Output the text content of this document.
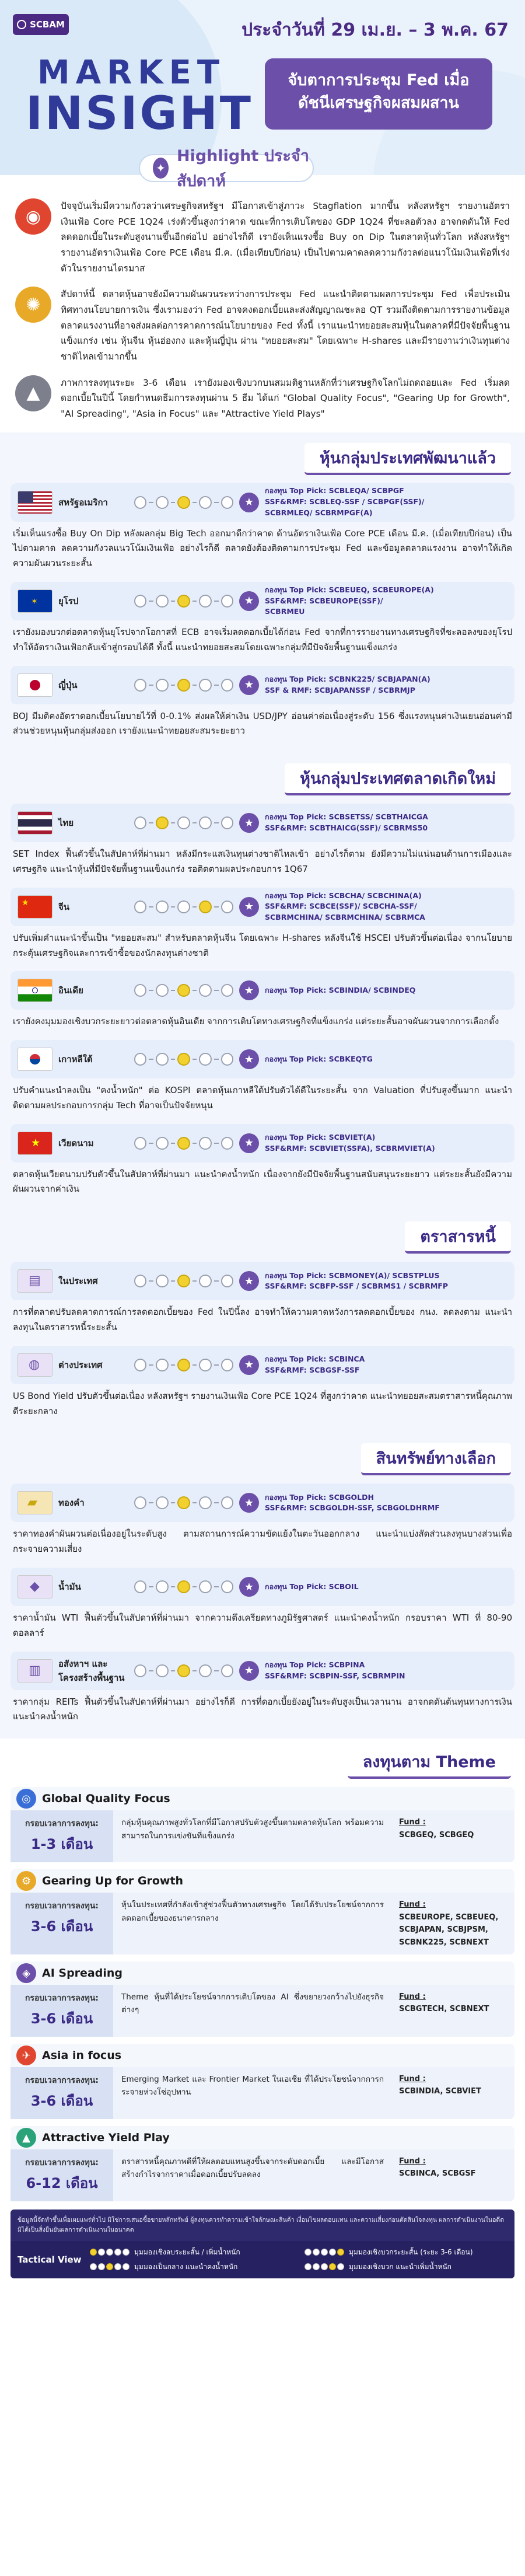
SCBAM	ประจำวันที่ 29 เม.ย. – 3 พ.ค. 67
MARKET
INSIGHT
จับตาการประชุม Fed เมื่อดัชนีเศรษฐกิจผสมผสาน
✦
Highlight ประจำสัปดาห์
◉
ปัจจุบันเริ่มมีความกังวลว่าเศรษฐกิจสหรัฐฯ มีโอกาสเข้าสู่ภาวะ Stagflation มากขึ้น หลังสหรัฐฯ รายงานอัตราเงินเฟ้อ Core PCE 1Q24 เร่งตัวขึ้นสูงกว่าคาด ขณะที่การเติบโตของ GDP 1Q24 ที่ชะลอตัวลง อาจกดดันให้ Fed ลดดอกเบี้ยในระดับสูงนานขึ้นอีกต่อไป อย่างไรก็ดี เรายังเห็นแรงซื้อ Buy on Dip ในตลาดหุ้นทั่วโลก หลังสหรัฐฯ รายงานอัตราเงินเฟ้อ Core PCE เดือน มี.ค. (เมื่อเทียบปีก่อน) เป็นไปตามคาดลดความกังวลต่อแนวโน้มเงินเฟ้อที่เร่งตัวในรายงานไตรมาส
✺
สัปดาห์นี้ ตลาดหุ้นอาจยังมีความผันผวนระหว่างการประชุม Fed แนะนำติดตามผลการประชุม Fed เพื่อประเมินทิศทางนโยบายการเงิน ซึ่งเรามองว่า Fed อาจคงดอกเบี้ยและส่งสัญญาณชะลอ QT รวมถึงติดตามการรายงานข้อมูลตลาดแรงงานที่อาจส่งผลต่อการคาดการณ์นโยบายของ Fed ทั้งนี้ เราแนะนำทยอยสะสมหุ้นในตลาดที่มีปัจจัยพื้นฐานแข็งแกร่ง เช่น หุ้นจีน หุ้นฮ่องกง และหุ้นญี่ปุ่น ผ่าน "ทยอยสะสม" โดยเฉพาะ H-shares และมีรายงานว่าเงินทุนต่างชาติไหลเข้ามากขึ้น
▲
ภาพการลงทุนระยะ 3-6 เดือน เรายังมองเชิงบวกบนสมมติฐานหลักที่ว่าเศรษฐกิจโลกไม่ถดถอยและ Fed เริ่มลดดอกเบี้ยในปีนี้ โดยกำหนดธีมการลงทุนผ่าน 5 ธีม ได้แก่ "Global Quality Focus", "Gearing Up for Growth", "AI Spreading", "Asia in Focus" และ "Attractive Yield Plays"
หุ้นกลุ่มประเทศพัฒนาแล้ว
สหรัฐอเมริกา	★
กองทุน Top Pick: SCBLEQA/ SCBPGF
SSF&RMF: SCBLEQ-SSF / SCBPGF(SSF)/
SCBRMLEQ/ SCBRMPGF(A)
เริ่มเห็นแรงซื้อ Buy On Dip หลังผลกลุ่ม Big Tech ออกมาดีกว่าคาด ด้านอัตราเงินเฟ้อ Core PCE เดือน มี.ค. (เมื่อเทียบปีก่อน) เป็นไปตามคาด ลดความกังวลแนวโน้มเงินเฟ้อ อย่างไรก็ดี ตลาดยังต้องติดตามการประชุม Fed และข้อมูลตลาดแรงงาน อาจทำให้เกิดความผันผวนระยะสั้น
✶ ยุโรป	★
กองทุน Top Pick: SCBEUEQ, SCBEUROPE(A)
SSF&RMF: SCBEUROPE(SSF)/
SCBRMEU
เรายังมองบวกต่อตลาดหุ้นยุโรปจากโอกาสที่ ECB อาจเริ่มลดดอกเบี้ยได้ก่อน Fed จากที่การรายงานทางเศรษฐกิจที่ชะลอลงของยุโรป ทำให้อัตราเงินเฟ้อกลับเข้าสู่กรอบได้ดี ทั้งนี้ แนะนำทยอยสะสมโดยเฉพาะกลุ่มที่มีปัจจัยพื้นฐานแข็งแกร่ง
ญี่ปุ่น	★	กองทุน Top Pick: SCBNK225/ SCBJAPAN(A)
SSF & RMF: SCBJAPANSSF / SCBRMJP
BOJ มีมติคงอัตราดอกเบี้ยนโยบายไว้ที่ 0-0.1% ส่งผลให้ค่าเงิน USD/JPY อ่อนค่าต่อเนื่องสู่ระดับ 156 ซึ่งแรงหนุนค่าเงินเยนอ่อนค่ามีส่วนช่วยหนุนหุ้นกลุ่มส่งออก เรายังแนะนำทยอยสะสมระยะยาว
หุ้นกลุ่มประเทศตลาดเกิดใหม่
ไทย	★	กองทุน Top Pick: SCBSETSS/ SCBTHAICGA
SSF&RMF: SCBTHAICG(SSF)/ SCBRMS50
SET Index ฟื้นตัวขึ้นในสัปดาห์ที่ผ่านมา หลังมีกระแสเงินทุนต่างชาติไหลเข้า อย่างไรก็ตาม ยังมีความไม่แน่นอนด้านการเมืองและเศรษฐกิจ แนะนำหุ้นที่มีปัจจัยพื้นฐานแข็งแกร่ง รอติดตามผลประกอบการ 1Q67
★	จีน	★
กองทุน Top Pick: SCBCHA/ SCBCHINA(A)
SSF&RMF: SCBCE(SSF)/ SCBCHA-SSF/
SCBRMCHINA/ SCBRMCHINA/ SCBRMCA
ปรับเพิ่มคำแนะนำขึ้นเป็น "ทยอยสะสม" สำหรับตลาดหุ้นจีน โดยเฉพาะ H-shares หลังจีนใช้ HSCEI ปรับตัวขึ้นต่อเนื่อง จากนโยบายกระตุ้นเศรษฐกิจและการเข้าซื้อของนักลงทุนต่างชาติ
อินเดีย	★	กองทุน Top Pick: SCBINDIA/ SCBINDEQ
เรายังคงมุมมองเชิงบวกระยะยาวต่อตลาดหุ้นอินเดีย จากการเติบโตทางเศรษฐกิจที่แข็งแกร่ง แต่ระยะสั้นอาจผันผวนจากการเลือกตั้ง
เกาหลีใต้	★	กองทุน Top Pick: SCBKEQTG
ปรับคำแนะนำลงเป็น "คงน้ำหนัก" ต่อ KOSPI ตลาดหุ้นเกาหลีใต้ปรับตัวได้ดีในระยะสั้น จาก Valuation ที่ปรับสูงขึ้นมาก แนะนำติดตามผลประกอบการกลุ่ม Tech ที่อาจเป็นปัจจัยหนุน
★ เวียดนาม	★	กองทุน Top Pick: SCBVIET(A)
SSF&RMF: SCBVIET(SSFA), SCBRMVIET(A)
ตลาดหุ้นเวียดนามปรับตัวขึ้นในสัปดาห์ที่ผ่านมา แนะนำคงน้ำหนัก เนื่องจากยังมีปัจจัยพื้นฐานสนับสนุนระยะยาว แต่ระยะสั้นยังมีความผันผวนจากค่าเงิน
ตราสารหนี้
▤ ในประเทศ	★	กองทุน Top Pick: SCBMONEY(A)/ SCBSTPLUS
SSF&RMF: SCBFP-SSF / SCBRMS1 / SCBRMFP
การที่ตลาดปรับลดคาดการณ์การลดดอกเบี้ยของ Fed ในปีนี้ลง อาจทำให้ความคาดหวังการลดดอกเบี้ยของ กนง. ลดลงตาม แนะนำลงทุนในตราสารหนี้ระยะสั้น
◍ ต่างประเทศ	★	กองทุน Top Pick: SCBINCA
SSF&RMF: SCBGSF-SSF
US Bond Yield ปรับตัวขึ้นต่อเนื่อง หลังสหรัฐฯ รายงานเงินเฟ้อ Core PCE 1Q24 ที่สูงกว่าคาด แนะนำทยอยสะสมตราสารหนี้คุณภาพดีระยะกลาง
สินทรัพย์ทางเลือก
▰ ทองคำ	★	กองทุน Top Pick: SCBGOLDH
SSF&RMF: SCBGOLDH-SSF, SCBGOLDHRMF
ราคาทองคำผันผวนต่อเนื่องอยู่ในระดับสูง ตามสถานการณ์ความขัดแย้งในตะวันออกกลาง แนะนำแบ่งสัดส่วนลงทุนบางส่วนเพื่อกระจายความเสี่ยง
◆ น้ำมัน	★	กองทุน Top Pick: SCBOIL
ราคาน้ำมัน WTI ฟื้นตัวขึ้นในสัปดาห์ที่ผ่านมา จากความตึงเครียดทางภูมิรัฐศาสตร์ แนะนำคงน้ำหนัก กรอบราคา WTI ที่ 80-90 ดอลลาร์
▥ อสังหาฯ และโครงสร้างพื้นฐาน
★	กองทุน Top Pick: SCBPINA
SSF&RMF: SCBPIN-SSF, SCBRMPIN
ราคากลุ่ม REITs ฟื้นตัวขึ้นในสัปดาห์ที่ผ่านมา อย่างไรก็ดี การที่ดอกเบี้ยยังอยู่ในระดับสูงเป็นเวลานาน อาจกดดันต้นทุนทางการเงิน แนะนำคงน้ำหนัก
ลงทุนตาม Theme
◎	Global Quality Focus
กรอบเวลาการลงทุน:
1-3 เดือน
กลุ่มหุ้นคุณภาพสูงทั่วโลกที่มีโอกาสปรับตัวสูงขึ้นตามตลาดหุ้นโลก พร้อมความสามารถในการแข่งขันที่แข็งแกร่ง
Fund :
SCBGEQ, SCBGEQ
⚙ Gearing Up for Growth
กรอบเวลาการลงทุน:
3-6 เดือน
หุ้นในประเทศที่กำลังเข้าสู่ช่วงฟื้นตัวทางเศรษฐกิจ โดยได้รับประโยชน์จากการลดดอกเบี้ยของธนาคารกลาง
Fund :
SCBEUROPE, SCBEUEQ, SCBJAPAN, SCBJPSM, SCBNK225, SCBNEXT
◈	AI Spreading
กรอบเวลาการลงทุน:
3-6 เดือน
Theme หุ้นที่ได้ประโยชน์จากการเติบโตของ AI ซึ่งขยายวงกว้างไปยังธุรกิจต่างๆ
Fund :
SCBGTECH, SCBNEXT
✈	Asia in focus
กรอบเวลาการลงทุน:
3-6 เดือน
Emerging Market และ Frontier Market ในเอเชีย ที่ได้ประโยชน์จากการกระจายห่วงโซ่อุปทาน
Fund :
SCBINDIA, SCBVIET
▲	Attractive Yield Play
กรอบเวลาการลงทุน:
6-12 เดือน
ตราสารหนี้คุณภาพดีที่ให้ผลตอบแทนสูงขึ้นจากระดับดอกเบี้ย และมีโอกาสสร้างกำไรจากราคาเมื่อดอกเบี้ยปรับลดลง
Fund :
SCBINCA, SCBGSF
ข้อมูลนี้จัดทำขึ้นเพื่อเผยแพร่ทั่วไป มิใช่การเสนอซื้อขายหลักทรัพย์ ผู้ลงทุนควรทำความเข้าใจลักษณะสินค้า เงื่อนไขผลตอบแทน และความเสี่ยงก่อนตัดสินใจลงทุน ผลการดำเนินงานในอดีตมิได้เป็นสิ่งยืนยันผลการดำเนินงานในอนาคต
Tactical View
มุมมองเชิงลบระยะสั้น / เพิ่มน้ำหนัก	มุมมองเชิงบวกระยะสั้น (ระยะ 3-6 เดือน)
มุมมองเป็นกลาง แนะนำคงน้ำหนัก	มุมมองเชิงบวก แนะนำเพิ่มน้ำหนัก
